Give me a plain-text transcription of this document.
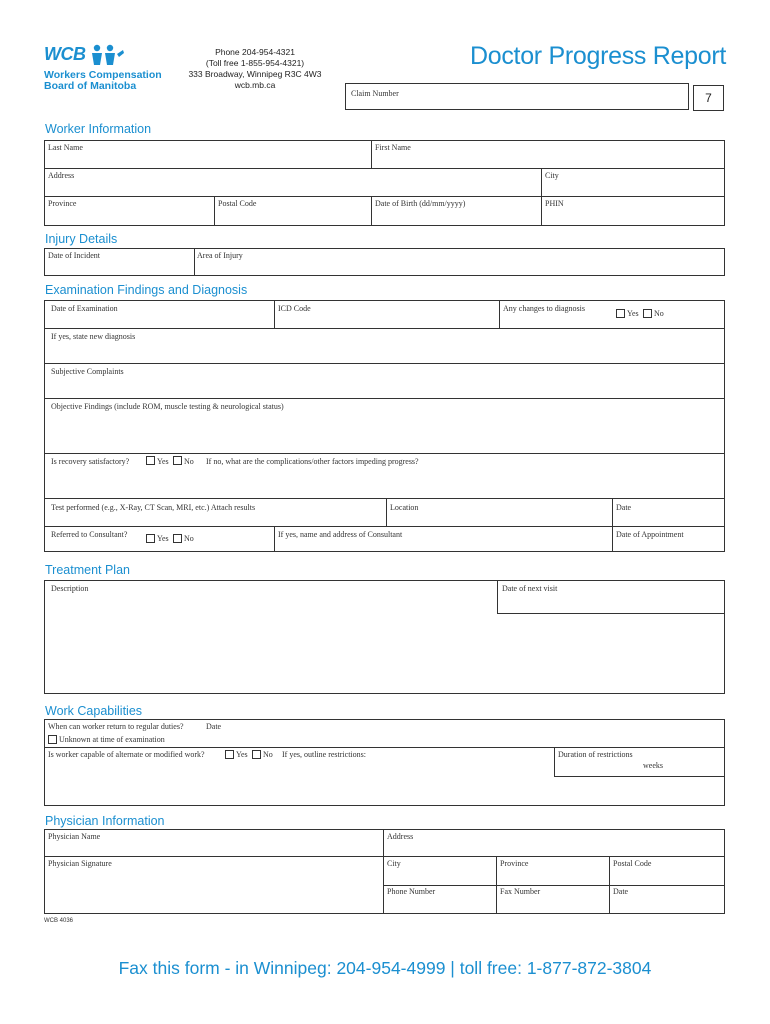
WCB
Workers Compensation
Board of Manitoba
Phone 204-954-4321
(Toll free 1-855-954-4321)
333 Broadway, Winnipeg R3C 4W3
wcb.mb.ca
Doctor Progress Report
Claim Number	7
Worker Information
Last Name	First Name
Address	City
Province	Postal Code	Date of Birth (dd/mm/yyyy)	PHIN
Injury Details
Date of Incident	Area of Injury
Examination Findings and Diagnosis
Date of Examination	ICD Code	Any changes to diagnosis
Yes No
If yes, state new diagnosis
Subjective Complaints
Objective Findings (include ROM, muscle testing & neurological status)
Is recovery satisfactory?	Yes No If no, what are the complications/other factors impeding progress?
Test performed (e.g., X-Ray, CT Scan, MRI, etc.) Attach results	Location	Date
Referred to Consultant?	Yes No	If yes, name and address of Consultant	Date of Appointment
Treatment Plan
Description	Date of next visit
Work Capabilities
When can worker return to regular duties?	Date
Unknown at time of examination
Is worker capable of alternate or modified work?	Yes No If yes, outline restrictions:	Duration of restrictions
weeks
Physician Information
Physician Name	Address
Physician Signature	City	Province	Postal Code
Phone Number	Fax Number	Date
WCB 4036
Fax this form - in Winnipeg: 204-954-4999 | toll free: 1-877-872-3804
